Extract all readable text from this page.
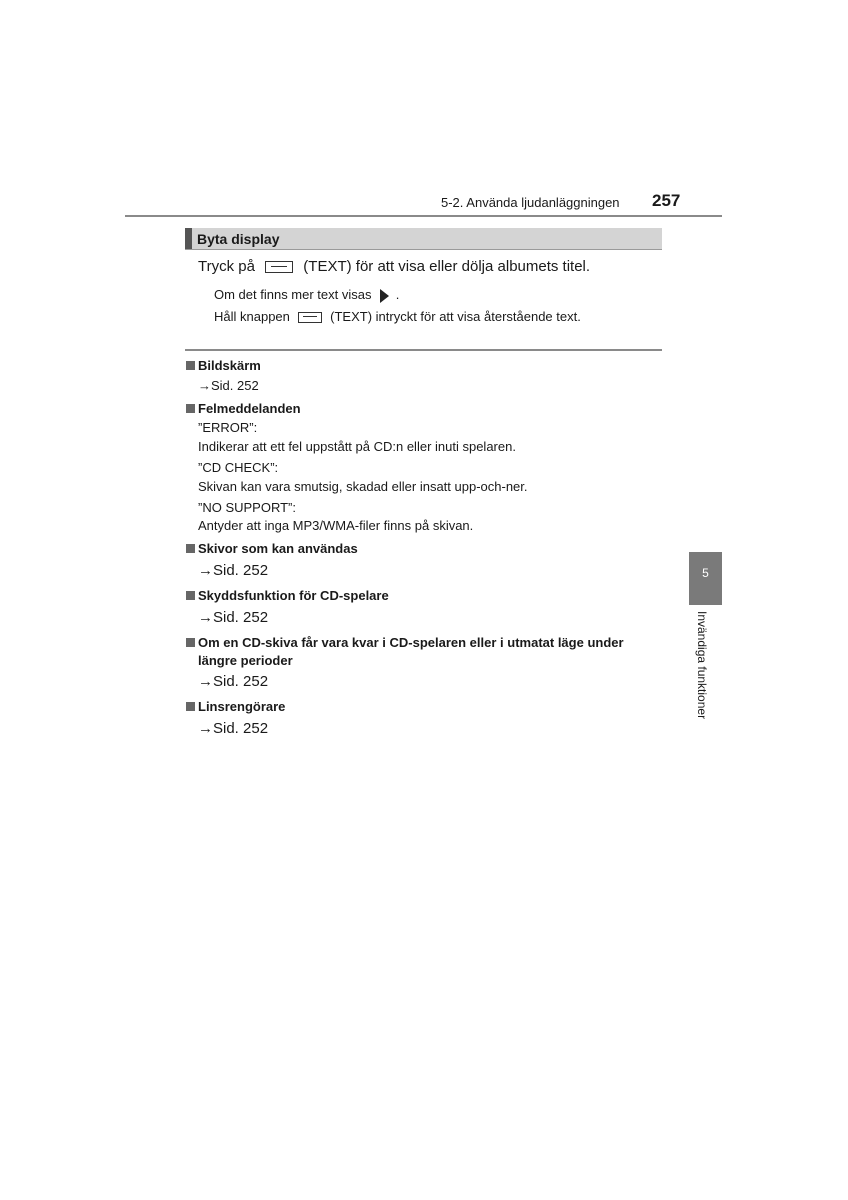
5-2. Använda ljudanläggningen 257
Byta display
Tryck på	(TEXT) för att visa eller dölja albumets titel.
Om det finns mer text visas .
Håll knappen	(TEXT) intryckt för att visa återstående text.
Bildskärm
→Sid. 252
Felmeddelanden
”ERROR”:
Indikerar att ett fel uppstått på CD:n eller inuti spelaren.
”CD CHECK”:
Skivan kan vara smutsig, skadad eller insatt upp-och-ner.
”NO SUPPORT”:
Antyder att inga MP3/WMA-filer finns på skivan.
Skivor som kan användas
→Sid. 252
Skyddsfunktion för CD-spelare
→Sid. 252
Om en CD-skiva får vara kvar i CD-spelaren eller i utmatat läge under
längre perioder
→Sid. 252
Linsrengörare
→Sid. 252
5
Invändiga funktioner
